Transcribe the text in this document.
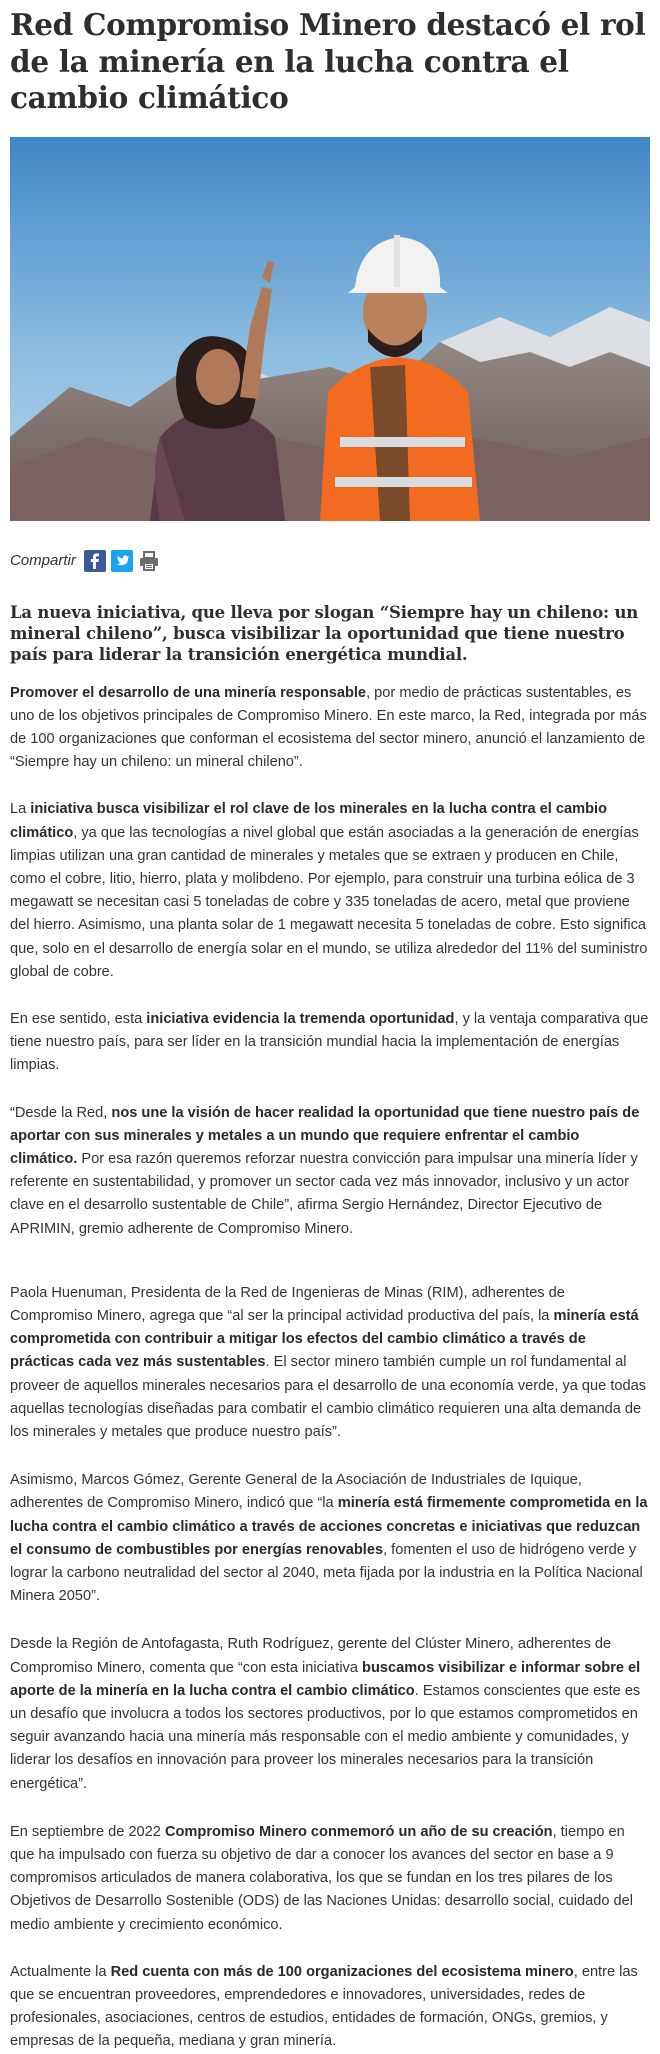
Red Compromiso Minero destacó el rol de la minería en la lucha contra el cambio climático
Compartir

La nueva iniciativa, que lleva por slogan “Siempre hay un chileno: un mineral chileno”, busca visibilizar la oportunidad que tiene nuestro país para liderar la transición energética mundial.

Promover el desarrollo de una minería responsable, por medio de prácticas sustentables, es uno de los objetivos principales de Compromiso Minero. En este marco, la Red, integrada por más de 100 organizaciones que conforman el ecosistema del sector minero, anunció el lanzamiento de “Siempre hay un chileno: un mineral chileno”.

La iniciativa busca visibilizar el rol clave de los minerales en la lucha contra el cambio climático, ya que las tecnologías a nivel global que están asociadas a la generación de energías limpias utilizan una gran cantidad de minerales y metales que se extraen y producen en Chile, como el cobre, litio, hierro, plata y molibdeno. Por ejemplo, para construir una turbina eólica de 3 megawatt se necesitan casi 5 toneladas de cobre y 335 toneladas de acero, metal que proviene del hierro. Asimismo, una planta solar de 1 megawatt necesita 5 toneladas de cobre. Esto significa que, solo en el desarrollo de energía solar en el mundo, se utiliza alrededor del 11% del suministro global de cobre.

En ese sentido, esta iniciativa evidencia la tremenda oportunidad, y la ventaja comparativa que tiene nuestro país, para ser líder en la transición mundial hacia la implementación de energías limpias.

“Desde la Red, nos une la visión de hacer realidad la oportunidad que tiene nuestro país de aportar con sus minerales y metales a un mundo que requiere enfrentar el cambio climático. Por esa razón queremos reforzar nuestra convicción para impulsar una minería líder y referente en sustentabilidad, y promover un sector cada vez más innovador, inclusivo y un actor clave en el desarrollo sustentable de Chile”, afirma Sergio Hernández, Director Ejecutivo de APRIMIN, gremio adherente de Compromiso Minero.

Paola Huenuman, Presidenta de la Red de Ingenieras de Minas (RIM), adherentes de Compromiso Minero, agrega que “al ser la principal actividad productiva del país, la minería está comprometida con contribuir a mitigar los efectos del cambio climático a través de prácticas cada vez más sustentables. El sector minero también cumple un rol fundamental al proveer de aquellos minerales necesarios para el desarrollo de una economía verde, ya que todas aquellas tecnologías diseñadas para combatir el cambio climático requieren una alta demanda de los minerales y metales que produce nuestro país”.

Asimismo, Marcos Gómez, Gerente General de la Asociación de Industriales de Iquique, adherentes de Compromiso Minero, indicó que “la minería está firmemente comprometida en la lucha contra el cambio climático a través de acciones concretas e iniciativas que reduzcan el consumo de combustibles por energías renovables, fomenten el uso de hidrógeno verde y lograr la carbono neutralidad del sector al 2040, meta fijada por la industria en la Política Nacional Minera 2050”.

Desde la Región de Antofagasta, Ruth Rodríguez, gerente del Clúster Minero, adherentes de Compromiso Minero, comenta que “con esta iniciativa buscamos visibilizar e informar sobre el aporte de la minería en la lucha contra el cambio climático. Estamos conscientes que este es un desafío que involucra a todos los sectores productivos, por lo que estamos comprometidos en seguir avanzando hacia una minería más responsable con el medio ambiente y comunidades, y liderar los desafíos en innovación para proveer los minerales necesarios para la transición energética”.

En septiembre de 2022 Compromiso Minero conmemoró un año de su creación, tiempo en que ha impulsado con fuerza su objetivo de dar a conocer los avances del sector en base a 9 compromisos articulados de manera colaborativa, los que se fundan en los tres pilares de los Objetivos de Desarrollo Sostenible (ODS) de las Naciones Unidas: desarrollo social, cuidado del medio ambiente y crecimiento económico.

Actualmente la Red cuenta con más de 100 organizaciones del ecosistema minero, entre las que se encuentran proveedores, emprendedores e innovadores, universidades, redes de profesionales, asociaciones, centros de estudios, entidades de formación, ONGs, gremios, y empresas de la pequeña, mediana y gran minería.
